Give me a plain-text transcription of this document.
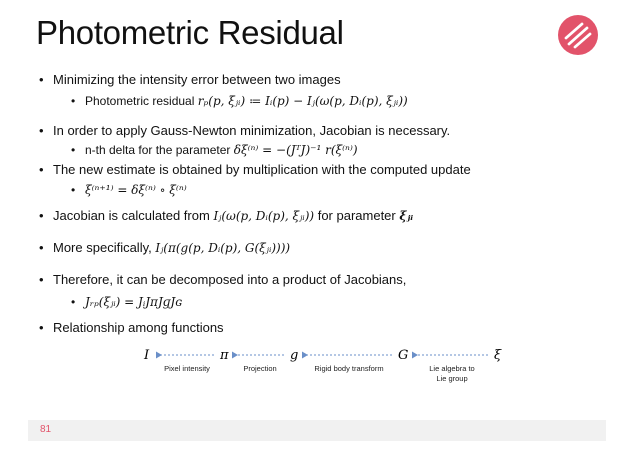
Photometric Residual
• Minimizing the intensity error between two images
• Photometric residual rₚ(p, ξⱼᵢ) ≔ Iᵢ(p) − Iⱼ(ω(p, Dᵢ(p), ξⱼᵢ))
• In order to apply Gauss-Newton minimization, Jacobian is necessary.
• n-th delta for the parameter δξ⁽ⁿ⁾ = −(JᵀJ)⁻¹ r(ξ⁽ⁿ⁾)
• The new estimate is obtained by multiplication with the computed update
• ξ⁽ⁿ⁺¹⁾ = δξ⁽ⁿ⁾ ∘ ξ⁽ⁿ⁾
• Jacobian is calculated from Iⱼ(ω(p, Dᵢ(p), ξⱼᵢ)) for parameter ξⱼᵢ
• More specifically, Iⱼ(π(g(p, Dᵢ(p), G(ξⱼᵢ))))
• Therefore, it can be decomposed into a product of Jacobians,
• Jᵣₚ(ξⱼᵢ) = JᵢJπJɡJɢ
• Relationship among functions
I	π	g	G	ξ
Pixel intensity	Projection	Rigid body transform	Lie algebra to
Lie group
81
